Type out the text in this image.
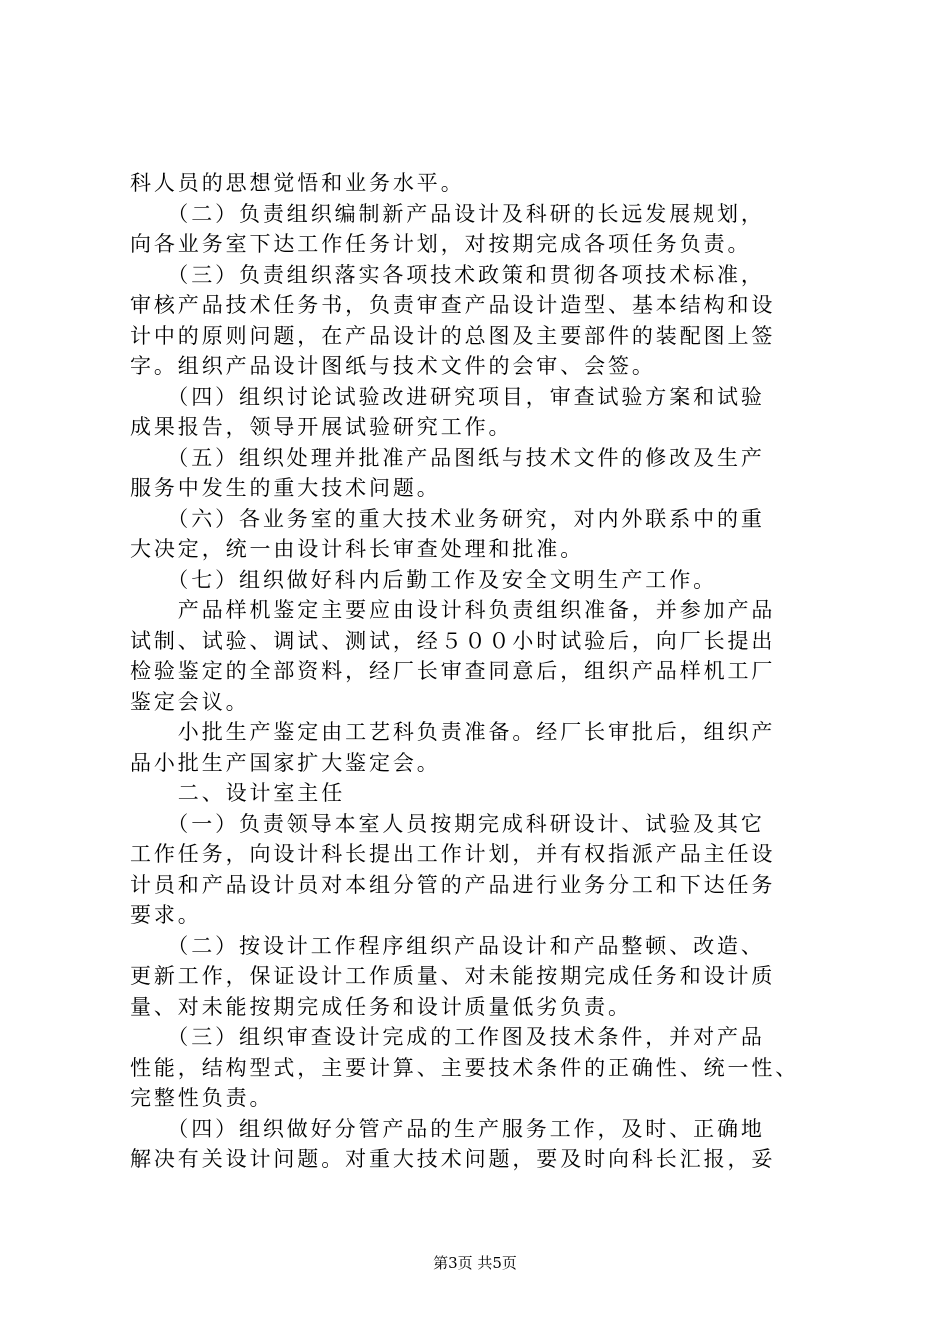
科人员的思想觉悟和业务水平。
　　（二）负责组织编制新产品设计及科研的长远发展规划，
向各业务室下达工作任务计划，对按期完成各项任务负责。
　　（三）负责组织落实各项技术政策和贯彻各项技术标准，
审核产品技术任务书，负责审查产品设计造型、基本结构和设
计中的原则问题，在产品设计的总图及主要部件的装配图上签
字。组织产品设计图纸与技术文件的会审、会签。
　　（四）组织讨论试验改进研究项目，审查试验方案和试验
成果报告，领导开展试验研究工作。
　　（五）组织处理并批准产品图纸与技术文件的修改及生产
服务中发生的重大技术问题。
　　（六）各业务室的重大技术业务研究，对内外联系中的重
大决定，统一由设计科长审查处理和批准。
　　（七）组织做好科内后勤工作及安全文明生产工作。
　　产品样机鉴定主要应由设计科负责组织准备，并参加产品
试制、试验、调试、测试，经５００小时试验后，向厂长提出
检验鉴定的全部资料，经厂长审查同意后，组织产品样机工厂
鉴定会议。
　　小批生产鉴定由工艺科负责准备。经厂长审批后，组织产
品小批生产国家扩大鉴定会。
　　二、设计室主任
　　（一）负责领导本室人员按期完成科研设计、试验及其它
工作任务，向设计科长提出工作计划，并有权指派产品主任设
计员和产品设计员对本组分管的产品进行业务分工和下达任务
要求。
　　（二）按设计工作程序组织产品设计和产品整顿、改造、
更新工作，保证设计工作质量、对未能按期完成任务和设计质
量、对未能按期完成任务和设计质量低劣负责。
　　（三）组织审查设计完成的工作图及技术条件，并对产品
性能，结构型式，主要计算、主要技术条件的正确性、统一性、
完整性负责。
　　（四）组织做好分管产品的生产服务工作，及时、正确地
解决有关设计问题。对重大技术问题，要及时向科长汇报，妥
第3页 共5页
